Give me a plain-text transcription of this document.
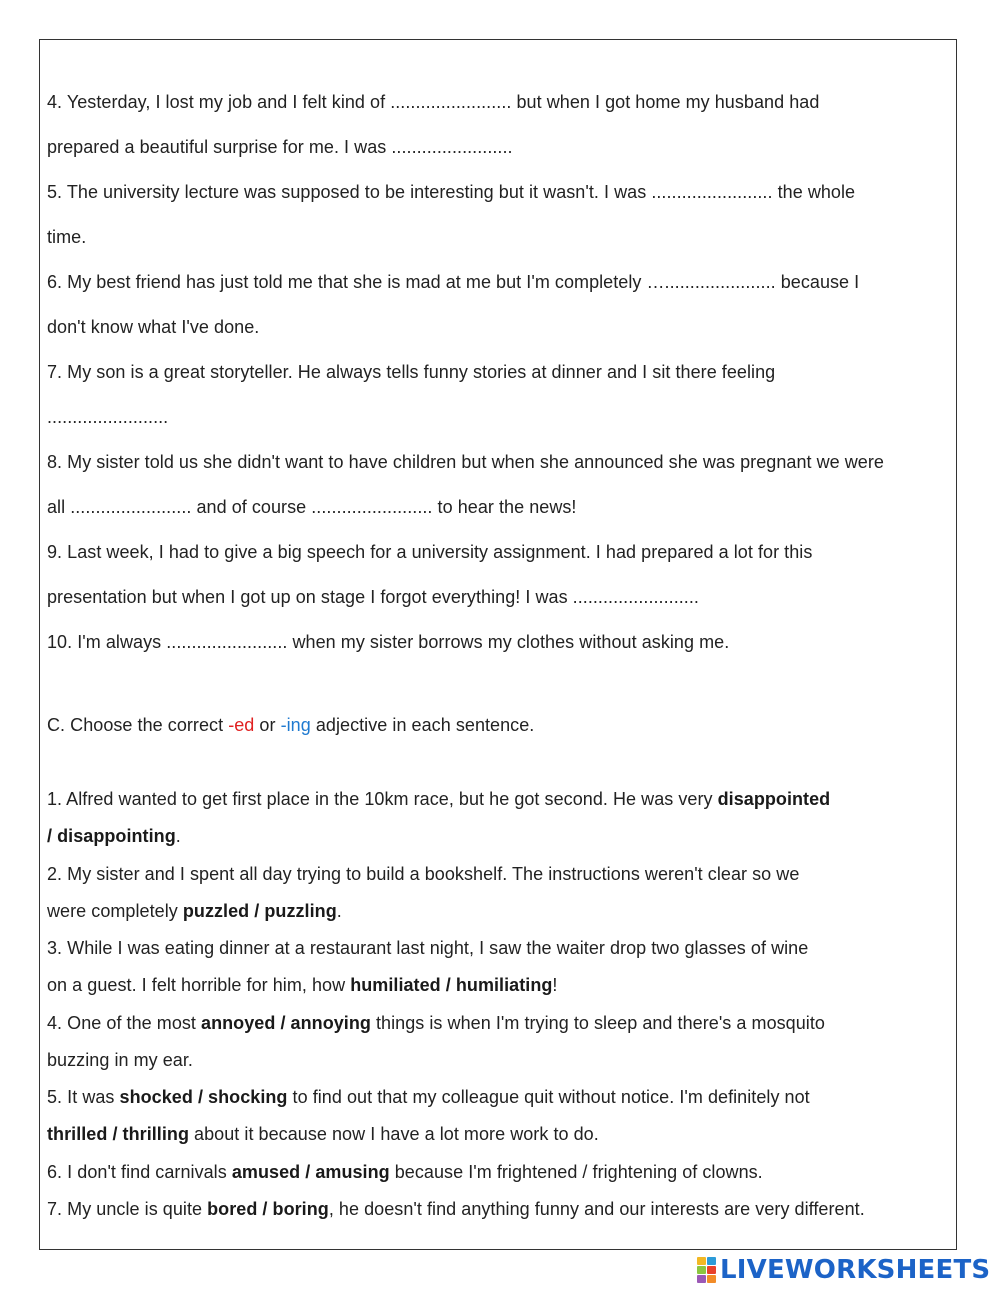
4. Yesterday, I lost my job and I felt kind of ........................ but when I got home my husband had
prepared a beautiful surprise for me. I was ........................
5. The university lecture was supposed to be interesting but it wasn't. I was ........................ the whole
time.
6. My best friend has just told me that she is mad at me but I'm completely …...................... because I
don't know what I've done.
7. My son is a great storyteller. He always tells funny stories at dinner and I sit there feeling
........................
8. My sister told us she didn't want to have children but when she announced she was pregnant we were
all ........................ and of course ........................ to hear the news!
9. Last week, I had to give a big speech for a university assignment. I had prepared a lot for this
presentation but when I got up on stage I forgot everything! I was .........................
10. I'm always ........................ when my sister borrows my clothes without asking me.
C. Choose the correct -ed or -ing adjective in each sentence.
1. Alfred wanted to get first place in the 10km race, but he got second. He was very disappointed
/ disappointing.
2. My sister and I spent all day trying to build a bookshelf. The instructions weren't clear so we
were completely puzzled / puzzling.
3. While I was eating dinner at a restaurant last night, I saw the waiter drop two glasses of wine
on a guest. I felt horrible for him, how humiliated / humiliating!
4. One of the most annoyed / annoying things is when I'm trying to sleep and there's a mosquito
buzzing in my ear.
5. It was shocked / shocking to find out that my colleague quit without notice. I'm definitely not
thrilled / thrilling about it because now I have a lot more work to do.
6. I don't find carnivals amused / amusing because I'm frightened / frightening of clowns.
7. My uncle is quite bored / boring, he doesn't find anything funny and our interests are very different.
LIVEWORKSHEETS
